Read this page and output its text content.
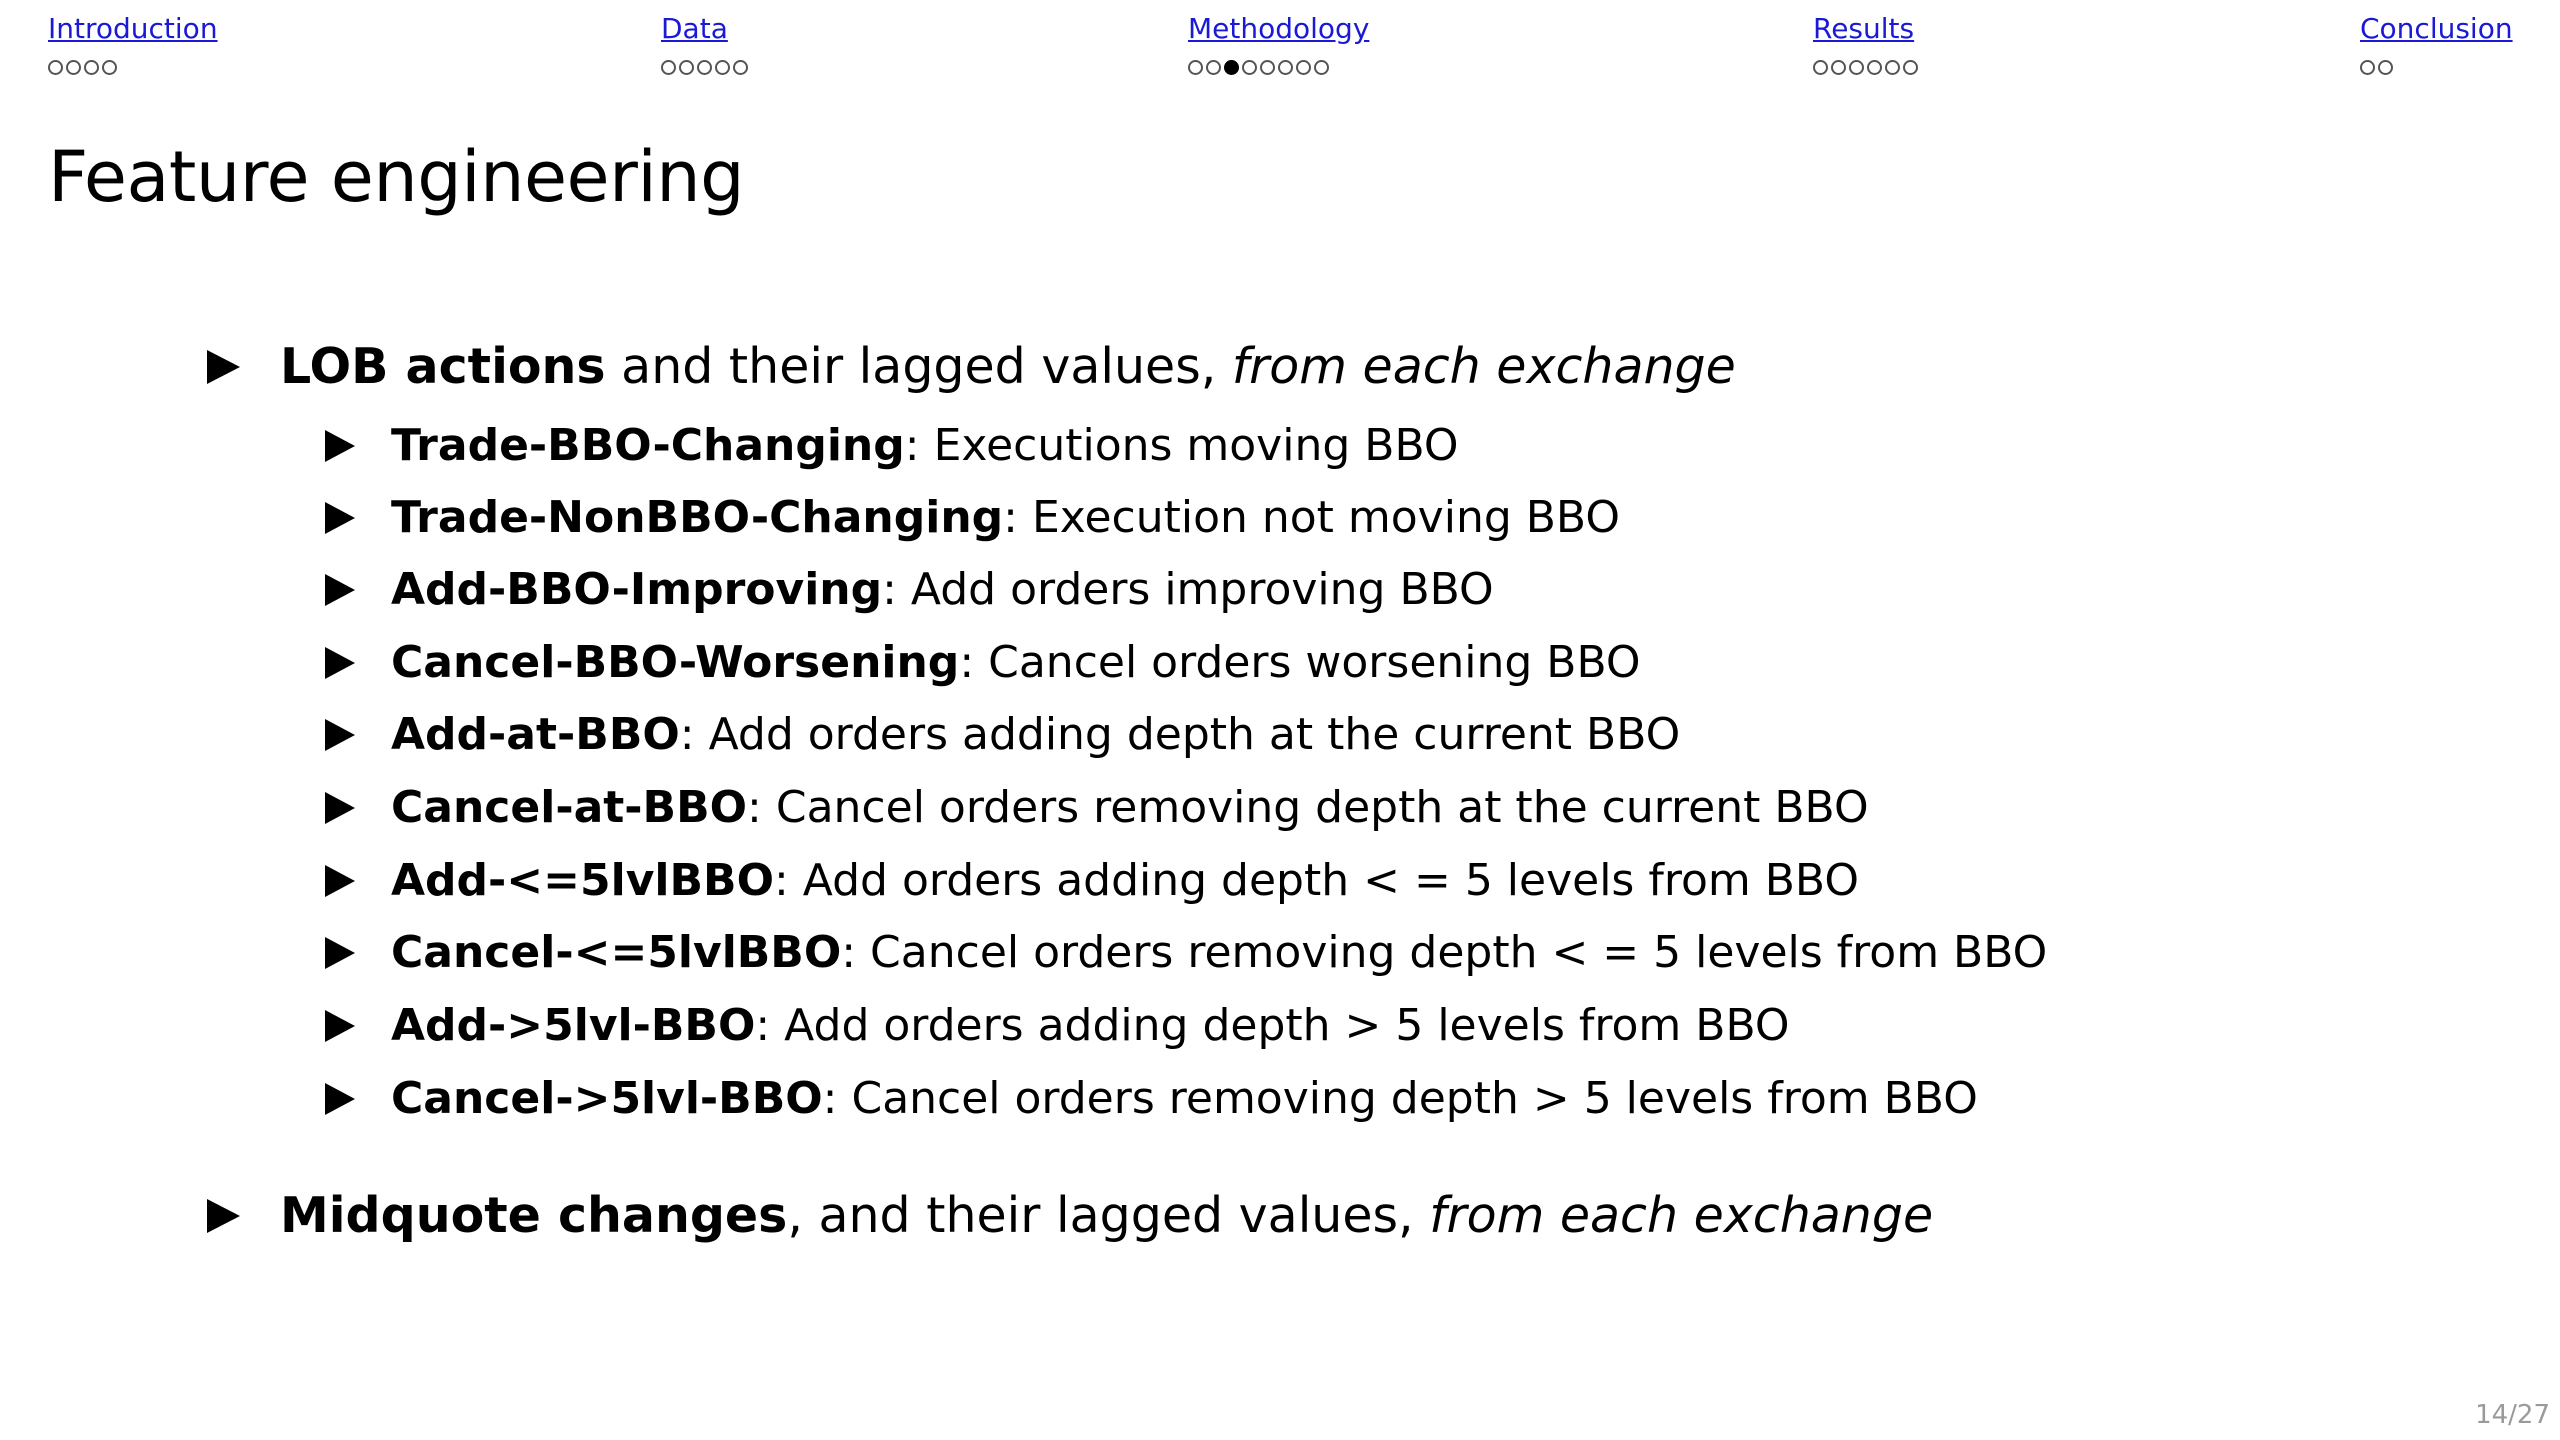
Introduction	Data	Methodology	Results	Conclusion
Feature engineering
LOB actions and their lagged values, from each exchange
Trade-BBO-Changing: Executions moving BBO
Trade-NonBBO-Changing: Execution not moving BBO
Add-BBO-Improving: Add orders improving BBO
Cancel-BBO-Worsening: Cancel orders worsening BBO
Add-at-BBO: Add orders adding depth at the current BBO
Cancel-at-BBO: Cancel orders removing depth at the current BBO
Add-<=5lvlBBO: Add orders adding depth < = 5 levels from BBO
Cancel-<=5lvlBBO: Cancel orders removing depth < = 5 levels from BBO
Add->5lvl-BBO: Add orders adding depth > 5 levels from BBO
Cancel->5lvl-BBO: Cancel orders removing depth > 5 levels from BBO
Midquote changes, and their lagged values, from each exchange
14/27
